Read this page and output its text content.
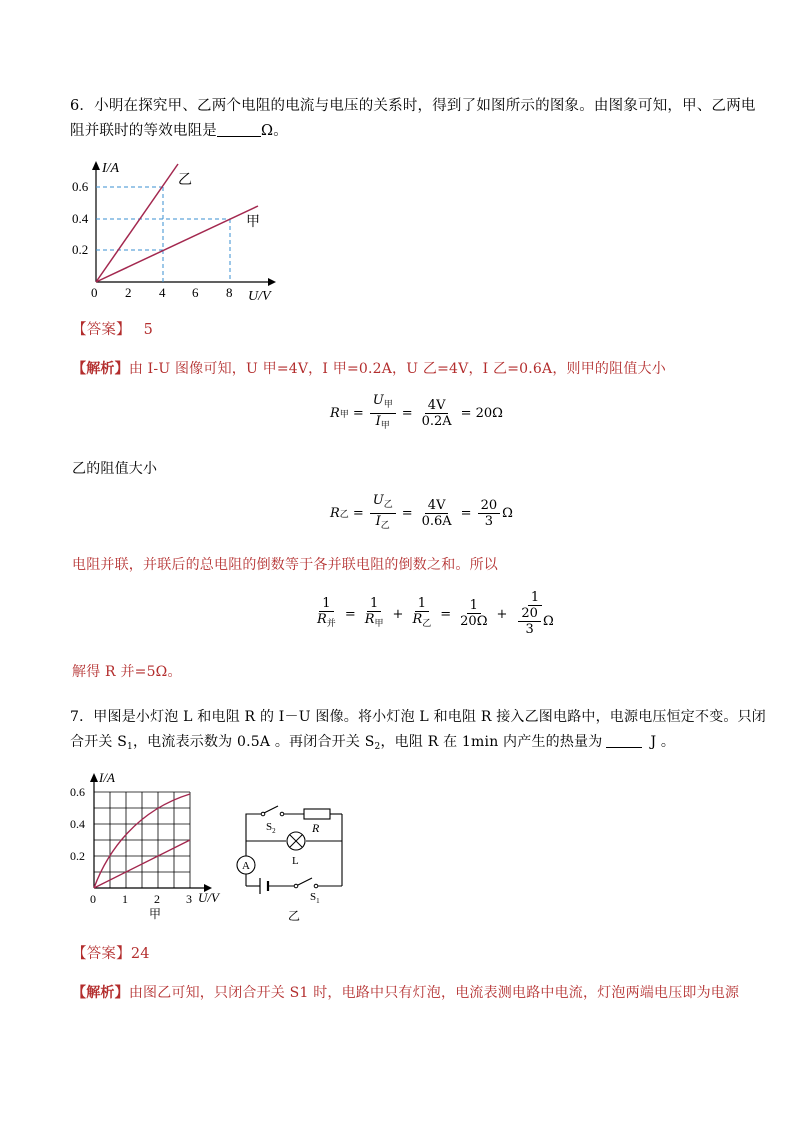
6．小明在探究甲、乙两个电阻的电流与电压的关系时，得到了如图所示的图象。由图象可知，甲、乙两电
阻并联时的等效电阻是	Ω。
0.6
0.4
0.2
0 2 4 6 8
I/A
U/V
乙
甲
【答案】 5
【解析】由 I-U 图像可知，U 甲=4V，I 甲=0.2A，U 乙=4V，I 乙=0.6A，则甲的阻值大小
R 甲 = $\frac{U_甲}{I_甲} = \frac{4V}{0.2A} = 20\Omega$
乙的阻值大小
R 乙 = $\frac{U_乙}{I_乙} = \frac{4V}{0.6A} = \frac{20}{3}$ Ω
电阻并联，并联后的总电阻的倒数等于各并联电阻的倒数之和。所以
$\frac{1}{R_并} = \frac{1}{R_甲} + \frac{1}{R_乙} = \frac{1}{20\Omega} + \frac{1}{\frac{20}{3} \Omega}$
解得 R 并=5Ω。
7．甲图是小灯泡 L 和电阻 R 的 I－U 图像。将小灯泡 L 和电阻 R 接入乙图电路中，电源电压恒定不变。只闭
合开关 $S_1$，电流表示数为 0.5A 。再闭合开关 $S_2$，电阻 R 在 1min 内产生的热量为	J 。
0.6
0.4
0.2
0 1 2 3
I/A
U/V
甲
A
$S_2$	R
L
$S_1$
乙
【答案】24
【解析】由图乙可知，只闭合开关 S1 时，电路中只有灯泡，电流表测电路中电流，灯泡两端电压即为电源
